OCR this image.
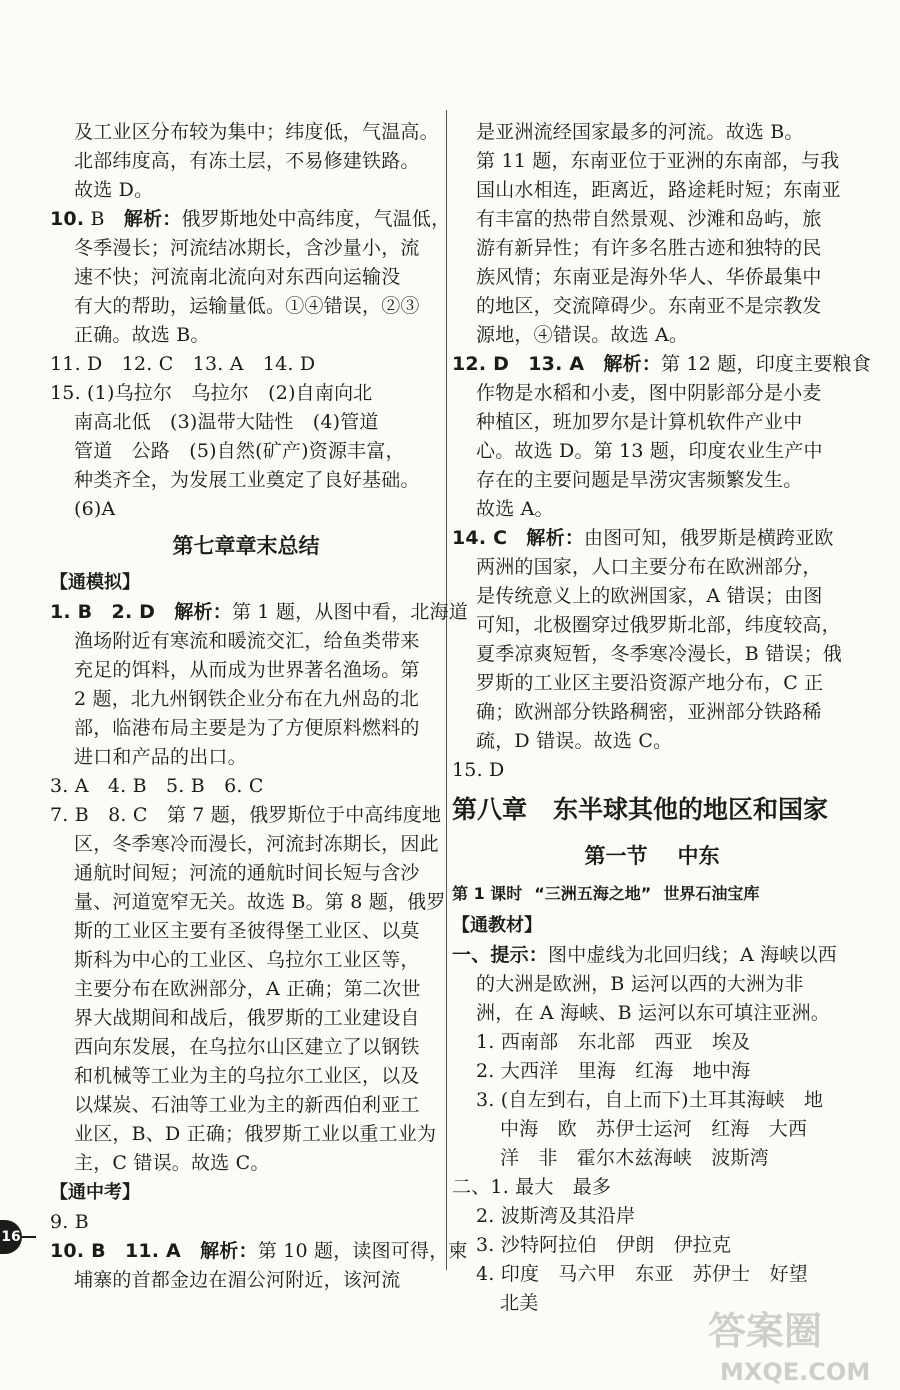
及工业区分布较为集中；纬度低，气温高。
北部纬度高，有冻土层，不易修建铁路。
故选 D。
10. B　解析：俄罗斯地处中高纬度，气温低，
冬季漫长；河流结冰期长，含沙量小，流
速不快；河流南北流向对东西向运输没
有大的帮助，运输量低。①④错误，②③
正确。故选 B。
11. D　12. C　13. A　14. D
15. (1)乌拉尔　乌拉尔　(2)自南向北
南高北低　(3)温带大陆性　(4)管道
管道　公路　(5)自然(矿产)资源丰富，
种类齐全，为发展工业奠定了良好基础。
(6)A
第七章章末总结
【通模拟】
1. B　2. D　解析：第 1 题，从图中看，北海道
渔场附近有寒流和暖流交汇，给鱼类带来
充足的饵料，从而成为世界著名渔场。第
2 题，北九州钢铁企业分布在九州岛的北
部，临港布局主要是为了方便原料燃料的
进口和产品的出口。
3. A　4. B　5. B　6. C
7. B　8. C　第 7 题，俄罗斯位于中高纬度地
区，冬季寒冷而漫长，河流封冻期长，因此
通航时间短；河流的通航时间长短与含沙
量、河道宽窄无关。故选 B。第 8 题，俄罗
斯的工业区主要有圣彼得堡工业区、以莫
斯科为中心的工业区、乌拉尔工业区等，
主要分布在欧洲部分，A 正确；第二次世
界大战期间和战后，俄罗斯的工业建设自
西向东发展，在乌拉尔山区建立了以钢铁
和机械等工业为主的乌拉尔工业区，以及
以煤炭、石油等工业为主的新西伯利亚工
业区，B、D 正确；俄罗斯工业以重工业为
主，C 错误。故选 C。
【通中考】
9. B
10. B　11. A　解析：第 10 题，读图可得，柬
埔寨的首都金边在湄公河附近，该河流
是亚洲流经国家最多的河流。故选 B。
第 11 题，东南亚位于亚洲的东南部，与我
国山水相连，距离近，路途耗时短；东南亚
有丰富的热带自然景观、沙滩和岛屿，旅
游有新异性；有许多名胜古迹和独特的民
族风情；东南亚是海外华人、华侨最集中
的地区，交流障碍少。东南亚不是宗教发
源地，④错误。故选 A。
12. D　13. A　解析：第 12 题，印度主要粮食
作物是水稻和小麦，图中阴影部分是小麦
种植区，班加罗尔是计算机软件产业中
心。故选 D。第 13 题，印度农业生产中
存在的主要问题是旱涝灾害频繁发生。
故选 A。
14. C　解析：由图可知，俄罗斯是横跨亚欧
两洲的国家，人口主要分布在欧洲部分，
是传统意义上的欧洲国家，A 错误；由图
可知，北极圈穿过俄罗斯北部，纬度较高，
夏季凉爽短暂，冬季寒冷漫长，B 错误；俄
罗斯的工业区主要沿资源产地分布，C 正
确；欧洲部分铁路稠密，亚洲部分铁路稀
疏，D 错误。故选 C。
15. D
第八章 东半球其他的地区和国家
第一节 中东
第 1 课时 “三洲五海之地” 世界石油宝库
【通教材】
一、提示：图中虚线为北回归线；A 海峡以西
的大洲是欧洲，B 运河以西的大洲为非
洲，在 A 海峡、B 运河以东可填注亚洲。
1. 西南部　东北部　西亚　埃及
2. 大西洋　里海　红海　地中海
3. (自左到右，自上而下)土耳其海峡　地
中海　欧　苏伊士运河　红海　大西
洋　非　霍尔木兹海峡　波斯湾
二、1. 最大　最多
2. 波斯湾及其沿岸
3. 沙特阿拉伯　伊朗　伊拉克
4. 印度　马六甲　东亚　苏伊士　好望
北美
16
答案圈
MXQE.COM
